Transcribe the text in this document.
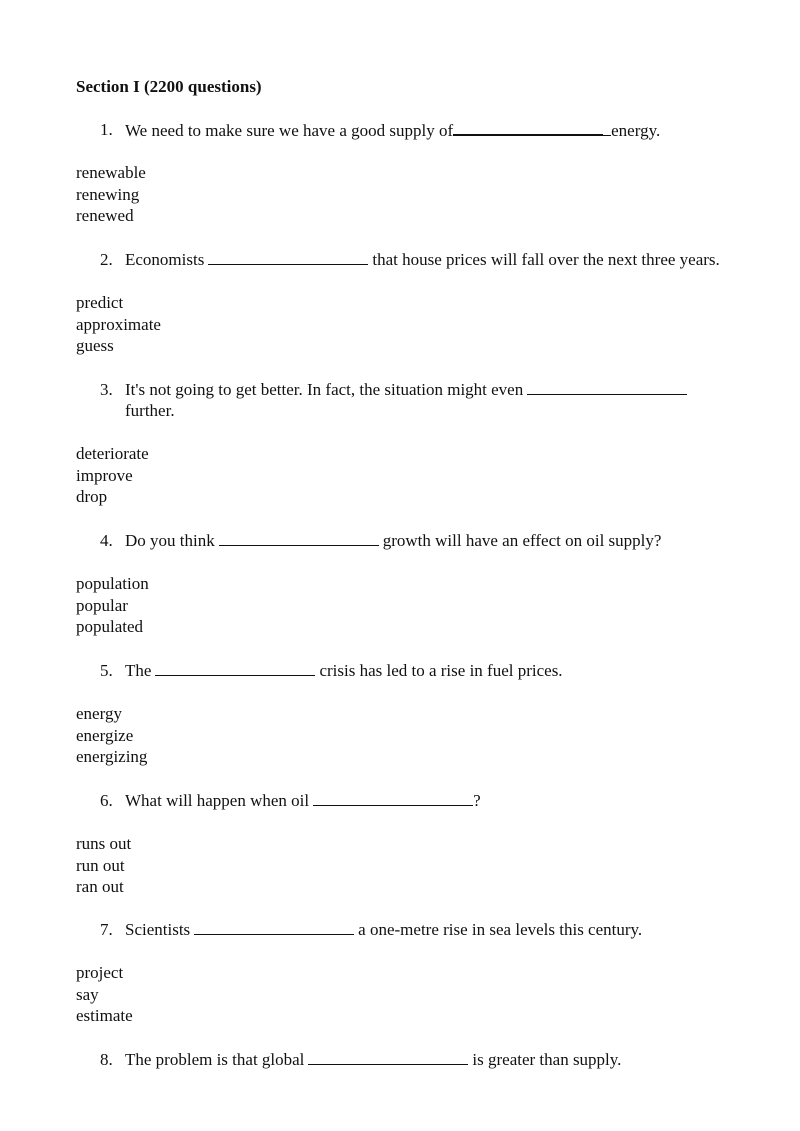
Section I (2200 questions)
1. We need to make sure we have a good supply of	energy.
renewable
renewing
renewed
2. Economists	that house prices will fall over the next three years.
predict
approximate
guess
3. It's not going to get better. In fact, the situation might even
further.
deteriorate
improve
drop
4. Do you think	growth will have an effect on oil supply?
population
popular
populated
5. The	crisis has led to a rise in fuel prices.
energy
energize
energizing
6. What will happen when oil	?
runs out
run out
ran out
7. Scientists	a one-metre rise in sea levels this century.
project
say
estimate
8. The problem is that global	is greater than supply.
